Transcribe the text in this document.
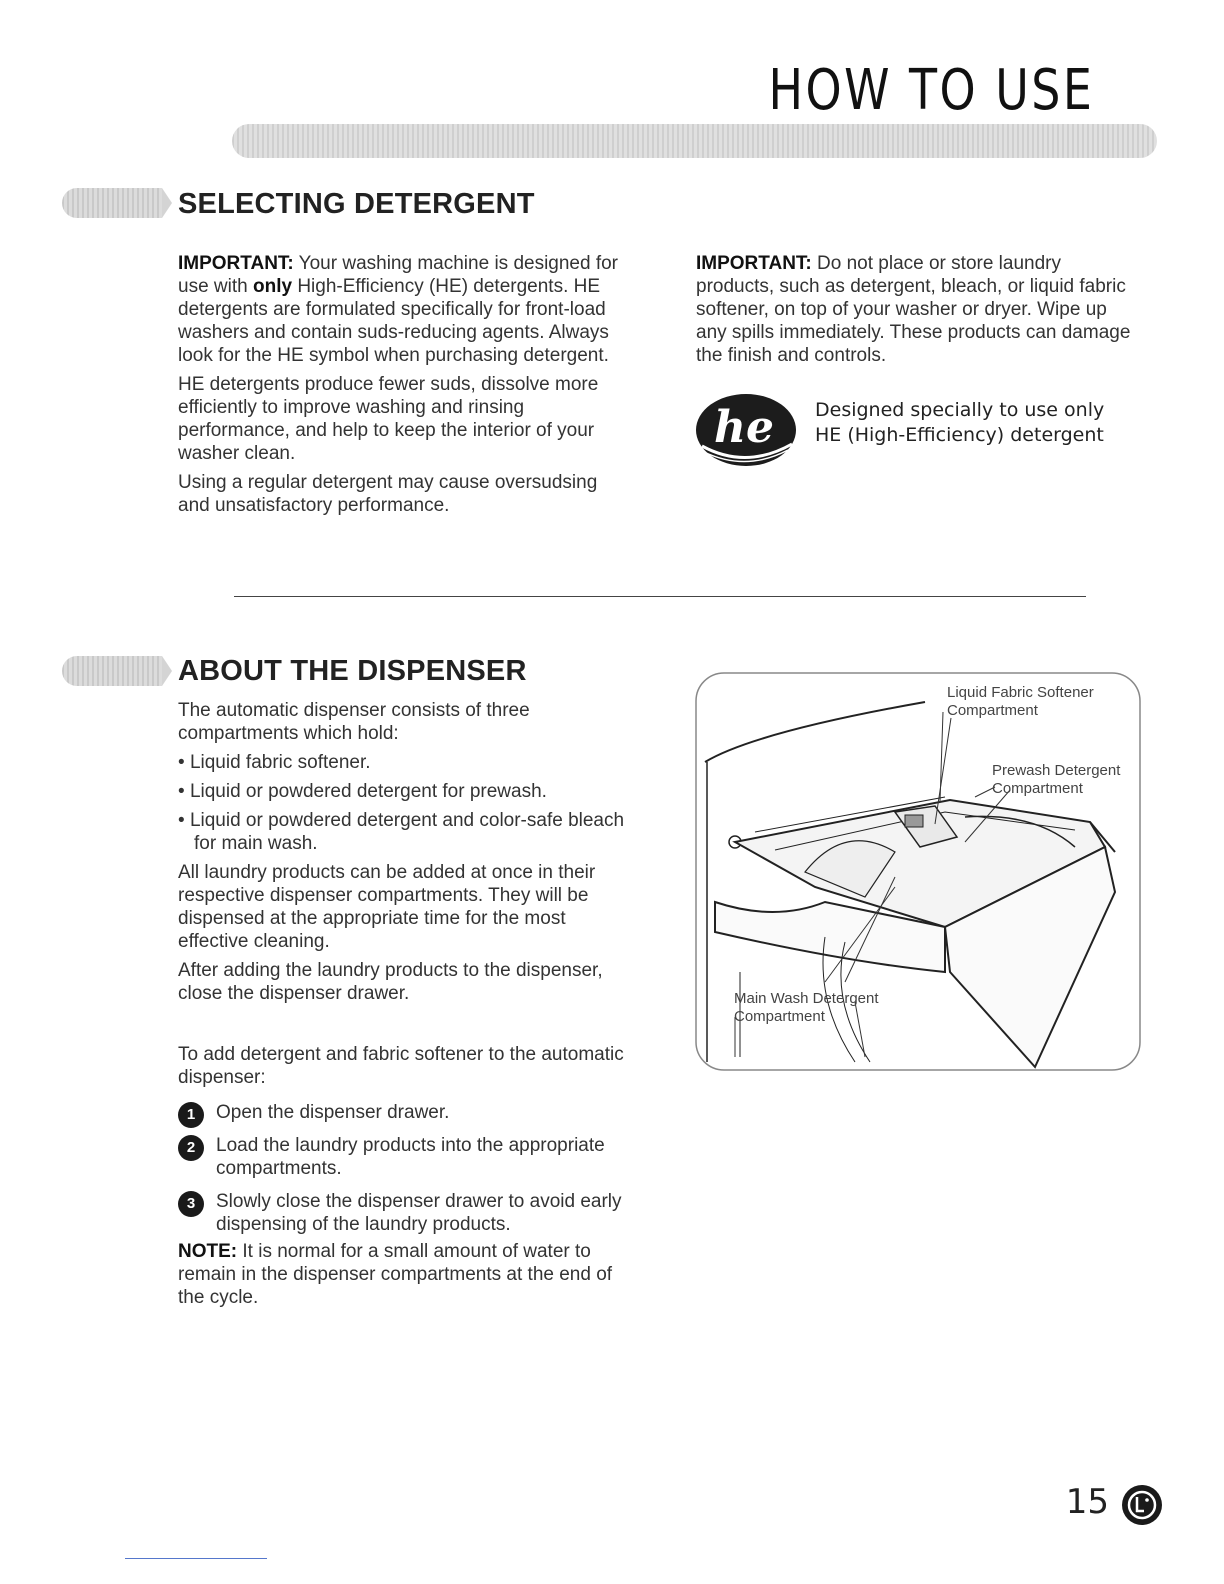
HOW TO USE
SELECTING DETERGENT

IMPORTANT: Your washing machine is designed for use with only High-Efficiency (HE) detergents. HE detergents are formulated specifically for front-load washers and contain suds-reducing agents. Always look for the HE symbol when purchasing detergent.

HE detergents produce fewer suds, dissolve more efficiently to improve washing and rinsing performance, and help to keep the interior of your washer clean.

Using a regular detergent may cause oversudsing and unsatisfactory performance.

IMPORTANT: Do not place or store laundry products, such as detergent, bleach, or liquid fabric softener, on top of your washer or dryer. Wipe up any spills immediately. These products can damage the finish and controls.

he Designed specially to use only
HE (High-Efficiency) detergent
ABOUT THE DISPENSER

The automatic dispenser consists of three compartments which hold:

• Liquid fabric softener.
• Liquid or powdered detergent for prewash.
• Liquid or powdered detergent and color-safe bleach for main wash.

All laundry products can be added at once in their respective dispenser compartments. They will be dispensed at the appropriate time for the most effective cleaning.

After adding the laundry products to the dispenser, close the dispenser drawer.

To add detergent and fabric softener to the automatic dispenser:

1	Open the dispenser drawer.
2	Load the laundry products into the appropriate compartments.
3	Slowly close the dispenser drawer to avoid early dispensing of the laundry products.

NOTE: It is normal for a small amount of water to remain in the dispenser compartments at the end of the cycle.

Liquid Fabric Softener
Compartment
Prewash Detergent
Compartment
Main Wash Detergent
Compartment
15
